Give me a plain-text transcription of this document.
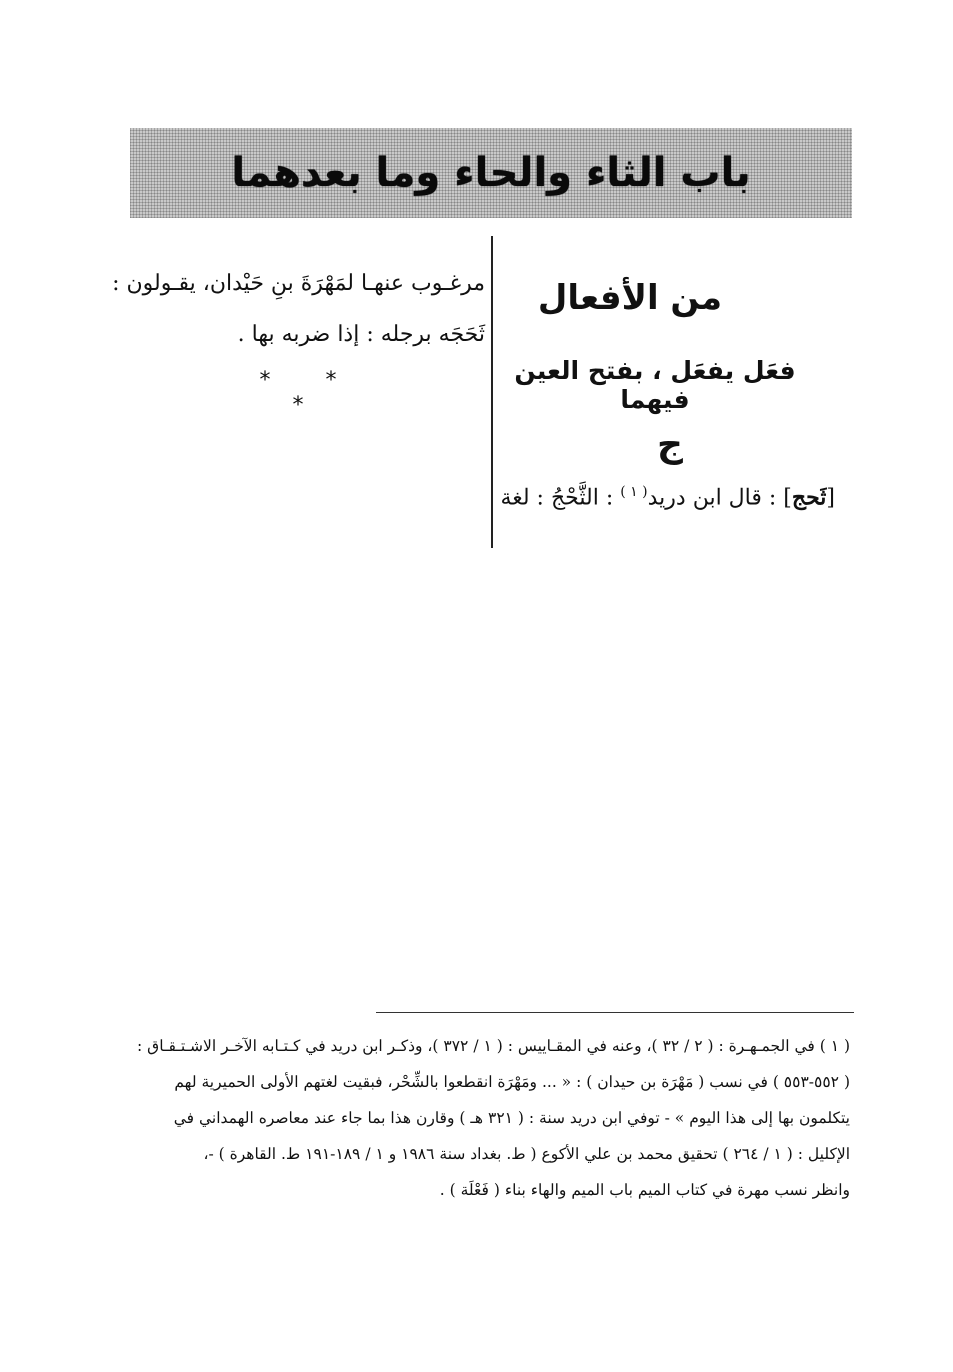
باب الثاء والحاء وما بعدهما
من الأفعال
فعَل يفعَل ، بفتح العين فيهما
ج
[ثَحج] : قال ابن دريد$^{( ١ )}$ : الثَّحْجُ : لغة
مرغـوب عنهـا لمَهْرَةَ بنِ حَيْدان، يقـولون :
ثَحَجَه برجله : إذا ضربه بها .
* * *
( ١ ) في الجمـهـرة : ( ٢ / ٣٢ )، وعنه في المقـاييس : ( ١ / ٣٧٢ )، وذكـر ابن دريد في كـتـابه الآخـر الاشـتـقـاق :
( ٥٥٢-٥٥٣ ) في نسب ( مَهْرَة بن حيدان ) : « ... ومَهْرَة انقطعوا بالشِّحْر، فبقيت لغتهم الأولى الحميرية لهم
يتكلمون بها إلى هذا اليوم » - توفي ابن دريد سنة : ( ٣٢١ هـ ) وقارن هذا بما جاء عند معاصره الهمداني في
الإكليل : ( ١ / ٢٦٤ ) تحقيق محمد بن علي الأكوع ( ط. بغداد سنة ١٩٨٦ و ١ / ١٨٩-١٩١ ط. القاهرة ) -،
وانظر نسب مهرة في كتاب الميم باب الميم والهاء بناء ( فَعْلَة ) .
